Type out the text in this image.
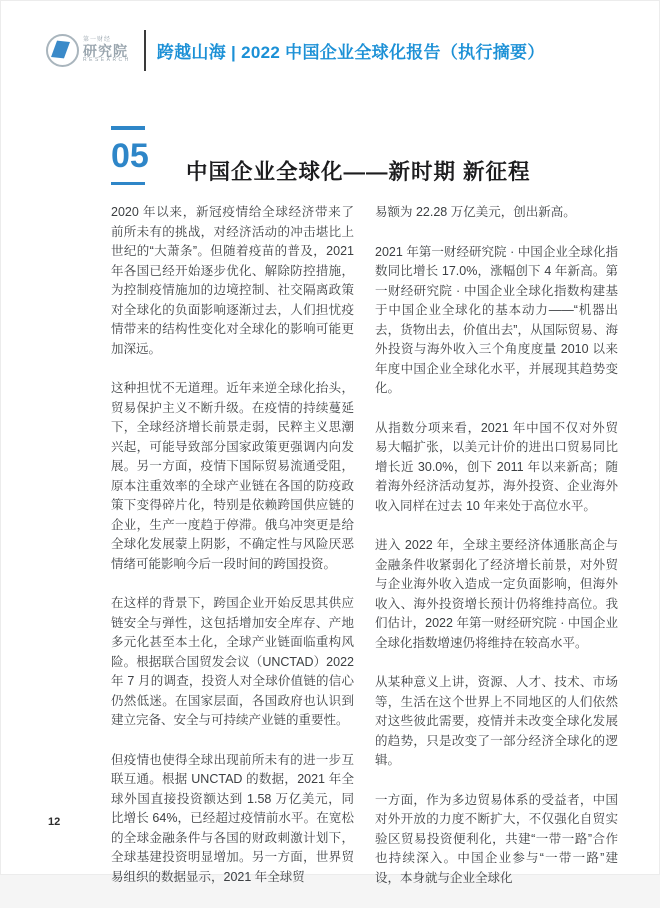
第一财经
研究院
RESEARCH 跨越山海 | 2022 中国企业全球化报告（执行摘要）
05 中国企业全球化——新时期 新征程

2020 年以来，新冠疫情给全球经济带来了前所未有的挑战，对经济活动的冲击堪比上世纪的“大萧条”。但随着疫苗的普及，2021 年各国已经开始逐步优化、解除防控措施，为控制疫情施加的边境控制、社交隔离政策对全球化的负面影响逐渐过去，人们担忧疫情带来的结构性变化对全球化的影响可能更加深远。

这种担忧不无道理。近年来逆全球化抬头，贸易保护主义不断升级。在疫情的持续蔓延下，全球经济增长前景走弱，民粹主义思潮兴起，可能导致部分国家政策更强调内向发展。另一方面，疫情下国际贸易流通受阻，原本注重效率的全球产业链在各国的防疫政策下变得碎片化，特别是依赖跨国供应链的企业，生产一度趋于停滞。俄乌冲突更是给全球化发展蒙上阴影，不确定性与风险厌恶情绪可能影响今后一段时间的跨国投资。

在这样的背景下，跨国企业开始反思其供应链安全与弹性，这包括增加安全库存、产地多元化甚至本土化，全球产业链面临重构风险。根据联合国贸发会议（UNCTAD）2022 年 7 月的调查，投资人对全球价值链的信心仍然低迷。在国家层面，各国政府也认识到建立完备、安全与可持续产业链的重要性。

但疫情也使得全球出现前所未有的进一步互联互通。根据 UNCTAD 的数据，2021 年全球外国直接投资额达到 1.58 万亿美元，同比增长 64%，已经超过疫情前水平。在宽松的全球金融条件与各国的财政刺激计划下，全球基建投资明显增加。另一方面，世界贸易组织的数据显示，2021 年全球贸

易额为 22.28 万亿美元，创出新高。

2021 年第一财经研究院 · 中国企业全球化指数同比增长 17.0%，涨幅创下 4 年新高。第一财经研究院 · 中国企业全球化指数构建基于中国企业全球化的基本动力——“机器出去，货物出去，价值出去”，从国际贸易、海外投资与海外收入三个角度度量 2010 以来年度中国企业全球化水平，并展现其趋势变化。

从指数分项来看，2021 年中国不仅对外贸易大幅扩张，以美元计价的进出口贸易同比增长近 30.0%，创下 2011 年以来新高；随着海外经济活动复苏，海外投资、企业海外收入同样在过去 10 年来处于高位水平。

进入 2022 年，全球主要经济体通胀高企与金融条件收紧弱化了经济增长前景，对外贸与企业海外收入造成一定负面影响，但海外收入、海外投资增长预计仍将维持高位。我们估计，2022 年第一财经研究院 · 中国企业全球化指数增速仍将维持在较高水平。

从某种意义上讲，资源、人才、技术、市场等，生活在这个世界上不同地区的人们依然对这些彼此需要，疫情并未改变全球化发展的趋势，只是改变了一部分经济全球化的逻辑。

一方面，作为多边贸易体系的受益者，中国对外开放的力度不断扩大，不仅强化自贸实验区贸易投资便利化，共建“一带一路”合作也持续深入。中国企业参与“一带一路”建设，本身就与企业全球化

12
